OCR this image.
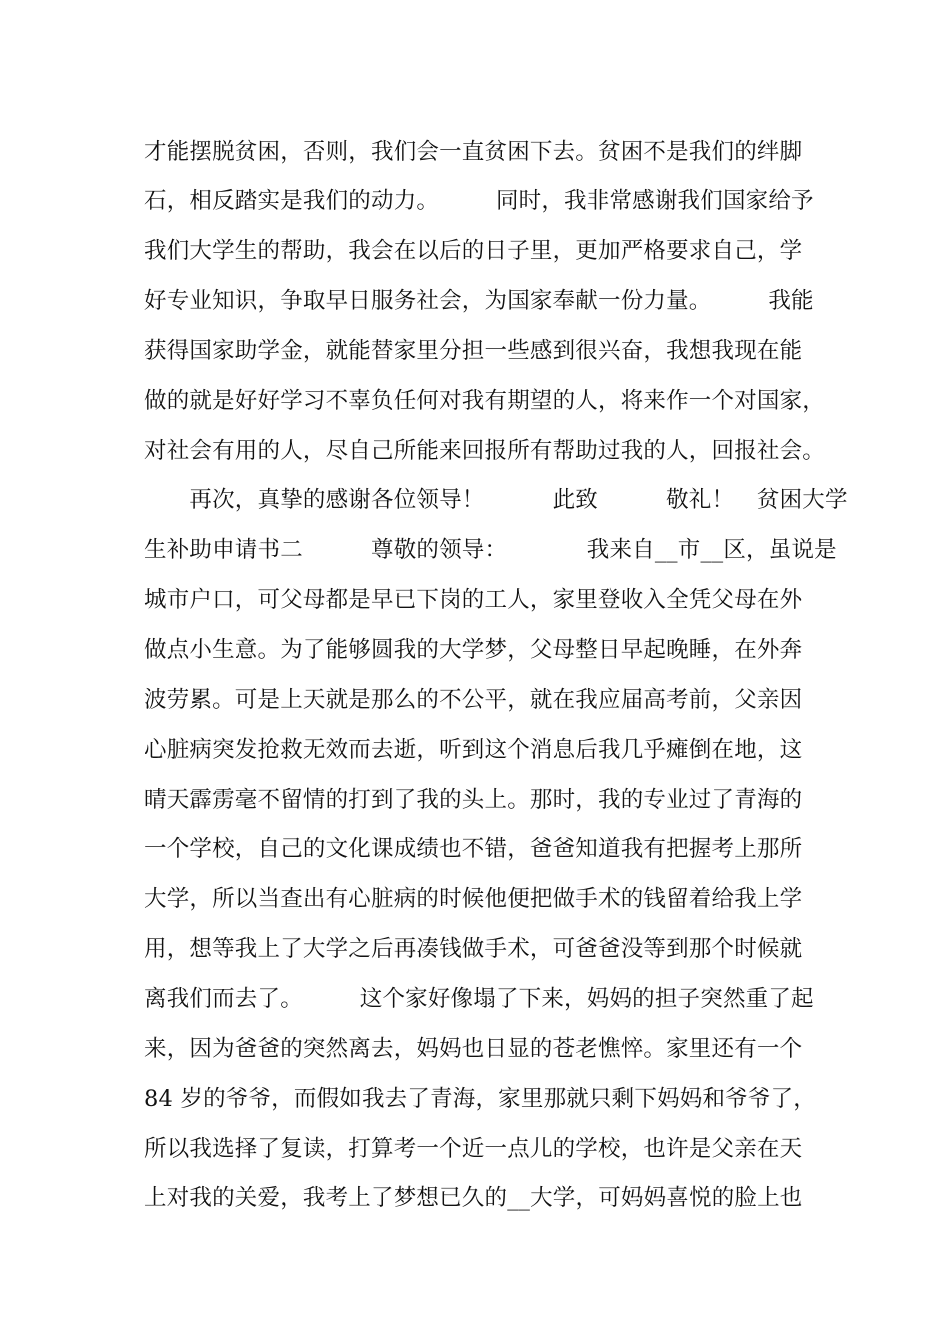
才能摆脱贫困，否则，我们会一直贫困下去。贫困不是我们的绊脚
石，相反踏实是我们的动力。　　　同时，我非常感谢我们国家给予
我们大学生的帮助，我会在以后的日子里，更加严格要求自己，学
好专业知识，争取早日服务社会，为国家奉献一份力量。　　　我能
获得国家助学金，就能替家里分担一些感到很兴奋，我想我现在能
做的就是好好学习不辜负任何对我有期望的人，将来作一个对国家，
对社会有用的人，尽自己所能来回报所有帮助过我的人，回报社会。
　　再次，真挚的感谢各位领导！　　　此致　　　敬礼！　贫困大学
生补助申请书二　　　尊敬的领导：　　　　我来自__市__区，虽说是
城市户口，可父母都是早已下岗的工人，家里登收入全凭父母在外
做点小生意。为了能够圆我的大学梦，父母整日早起晚睡，在外奔
波劳累。可是上天就是那么的不公平，就在我应届高考前，父亲因
心脏病突发抢救无效而去逝，听到这个消息后我几乎瘫倒在地，这
晴天霹雳毫不留情的打到了我的头上。那时，我的专业过了青海的
一个学校，自己的文化课成绩也不错，爸爸知道我有把握考上那所
大学，所以当查出有心脏病的时候他便把做手术的钱留着给我上学
用，想等我上了大学之后再凑钱做手术，可爸爸没等到那个时候就
离我们而去了。　　　这个家好像塌了下来，妈妈的担子突然重了起
来，因为爸爸的突然离去，妈妈也日显的苍老憔悴。家里还有一个
84 岁的爷爷，而假如我去了青海，家里那就只剩下妈妈和爷爷了，
所以我选择了复读，打算考一个近一点儿的学校，也许是父亲在天
上对我的关爱，我考上了梦想已久的__大学，可妈妈喜悦的脸上也
